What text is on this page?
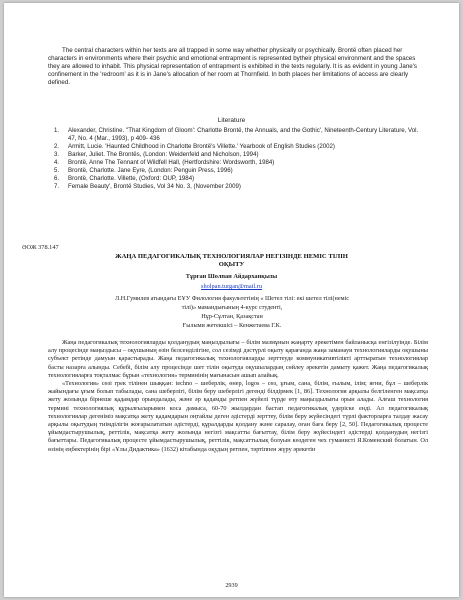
The central characters within her texts are all trapped in some way whether physically or psychically. Brontë often placed her characters in environments where their psychic and emotional entrapment is represented bytheir physical environment and the spaces they are allowed to inhabit. This physical representation of entrapment is exhibited in the texts regularly. It is as evident in young Jane's confinement in the 'redroom' as it is in Jane's allocation of her room at Thornfield. In both places her limitations of access are clearly defined.

Literature
1. Alexander, Christine. ''That Kingdom of Gloom': Charlotte Brontë, the Annuals, and the Gothic', Nineteenth-Century Literature, Vol. 47, No. 4 (Mar., 1993), p 409- 436
2. Armitt, Lucie. 'Haunted Childhood in Charlotte Brontë's Villette.' Yearbook of English Studies (2002)
3. Barker, Juliet. The Brontës, (London: Weidenfeld and Nicholson, 1994)
4. Brontë, Anne The Tennant of Wildfell Hall, (Hertfordshire: Wordsworth, 1984)
5. Brontë, Charlotte. Jane Eyre, (London: Penguin Press, 1996)
6. Brontë, Charlotte. Villette, (Oxford: OUP, 1984)
7. Female Beauty', Brontë Studies, Vol 34 No. 3, (November 2009)
ӘОЖ 378.147
ЖАҢА ПЕДАГОГИКАЛЫҚ ТЕХНОЛОГИЯЛАР НЕГІЗІНДЕ НЕМІС ТІЛІН
ОҚЫТУ
Тұрған Шолпан Айдарханқызы
sholpan.turgan@mail.ru
Л.Н.Гумилев атындағы ЕҰУ Филология факультетінің « Шетел тілі: екі шетел тілі(неміс
тілі)» мамандығының 4-курс студенті,
Нұр-Сұлтан, Қазақстан
Ғылыми жетекшісі – Кенжетаева Г.К.

Жаңа педагогикалық технологияларды қолданудың маңыздылығы – білім мазмұнын жаңарту әрекетімен байланысқа енгізілуінде. Білім алу процесінде маңыздысы – оқушының өзін белсенділігіне, сол сезімді дәстүрлі оқыту қарағанда жаңа заманауи технологияларды оқушыны субъект ретінде дамуын қарастырады. Жаңа педагогикалық технологияларды зерттеуде коммуникативтілікті арттыратын технологиялар басты назарға алынды. Себебі, білім алу процесінде шет тілін оқытуда оқушылардың сөйлеу әрекетін дамыту қажет. Жаңа педагогикалық технологияларға тоқталмас бұрын «технология» терминінің мағынасын ашып алайық.

«Технология» сөзі грек тілінен шыққан: techno – шеберлік, өнер, logos – сөз, ұғым, сана, білім, ғылым, ілім; яғни, бұл – шеберлік жайындағы ұғым болып табылады, сана шеберлігі, білім беру шеберлігі дегенді білдірмек [1, 86]. Технология арқылы белгіленген мақсатқа жету жолында бірнеше қадамдар орындалады, және әр қадамды ретпен жүйелі түрде өту маңыздылығы орын алады. Алғаш технология термині технологиялық құрылғыларымен коса дамыса, 60-70 жылдардан бастап педагогикалық үдеріске енді. Ал педагогикалық технологиялар дегеніміз мақсатқа жету қадамдарын оңтайлы деген әдістерді зерттеу, білім беру жүйесіндегі түрлі факторларға талдау жасау арқылы оқытудың тиімділігін жоғарылататын әдістерді, құралдарды қолдану және саралау, оған баға беру [2, 50]. Педагогикалық процесте ұйымдастырушылық, реттілік, мақсатқа жету жолында негізгі мақсатты бағыттау, білім беру жүйесіндегі әдістерді қолданудың негізгі бағыттары. Педагогикалық процесте ұйымдастырушылық, реттілік, мақсаттылық болуын көздеген чех гуманисті Я.Коменский болатын. Ол өзінің еңбектерінің бірі «Ұлы Дидактика» (1632) кітабында оқудың ретпен, тәртіппен жүру әрекетін

2939
